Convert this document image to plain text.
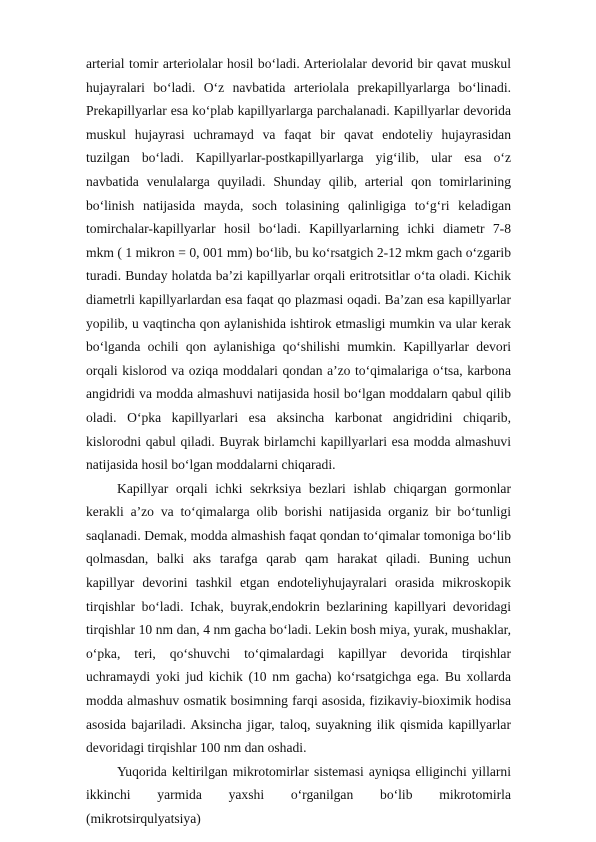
arterial tomir arteriolalar hosil bo‘ladi. Arteriolalar devorid bir qavat muskul hujayralari bo‘ladi. O‘z navbatida arteriolala prekapillyarlarga bo‘linadi. Prekapillyarlar esa ko‘plab kapillyarlarga parchalanadi. Kapillyarlar devorida muskul hujayrasi uchramayd va faqat bir qavat endoteliy hujayrasidan tuzilgan bo‘ladi. Kapillyarlar-postkapillyarlarga yig‘ilib, ular esa o‘z navbatida venulalarga quyiladi. Shunday qilib, arterial qon tomirlarining bo‘linish natijasida mayda, soch tolasining qalinligiga to‘g‘ri keladigan tomirchalar-kapillyarlar hosil bo‘ladi. Kapillyarlarning ichki diametr 7-8 mkm ( 1 mikron = 0, 001 mm) bo‘lib, bu ko‘rsatgich 2-12 mkm gach o‘zgarib turadi. Bunday holatda ba’zi kapillyarlar orqali eritrotsitlar o‘ta oladi. Kichik diametrli kapillyarlardan esa faqat qo plazmasi oqadi. Ba’zan esa kapillyarlar yopilib, u vaqtincha qon aylanishida ishtirok etmasligi mumkin va ular kerak bo‘lganda ochili qon aylanishiga qo‘shilishi mumkin. Kapillyarlar devori orqali kislorod va oziqa moddalari qondan a’zo to‘qimalariga o‘tsa, karbona angidridi va modda almashuvi natijasida hosil bo‘lgan moddalarn qabul qilib oladi. O‘pka kapillyarlari esa aksincha karbonat angidridini chiqarib, kislorodni qabul qiladi. Buyrak birlamchi kapillyarlari esa modda almashuvi natijasida hosil bo‘lgan moddalarni chiqaradi.

Kapillyar orqali ichki sekrksiya bezlari ishlab chiqargan gormonlar kerakli a’zo va to‘qimalarga olib borishi natijasida organiz bir bo‘tunligi saqlanadi. Demak, modda almashish faqat qondan to‘qimalar tomoniga bo‘lib qolmasdan, balki aks tarafga qarab qam harakat qiladi. Buning uchun kapillyar devorini tashkil etgan endoteliyhujayralari orasida mikroskopik tirqishlar bo‘ladi. Ichak, buyrak,endokrin bezlarining kapillyari devoridagi tirqishlar 10 nm dan, 4 nm gacha bo‘ladi. Lekin bosh miya, yurak, mushaklar, o‘pka, teri, qo‘shuvchi to‘qimalardagi kapillyar devorida tirqishlar uchramaydi yoki jud kichik (10 nm gacha) ko‘rsatgichga ega. Bu xollarda modda almashuv osmatik bosimning farqi asosida, fizikaviy-bioximik hodisa asosida bajariladi. Aksincha jigar, taloq, suyakning ilik qismida kapillyarlar devoridagi tirqishlar 100 nm dan oshadi.

Yuqorida keltirilgan mikrotomirlar sistemasi ayniqsa elliginchi yillarni ikkinchi yarmida yaxshi o‘rganilgan bo‘lib mikrotomirla (mikrotsirqulyatsiya)
